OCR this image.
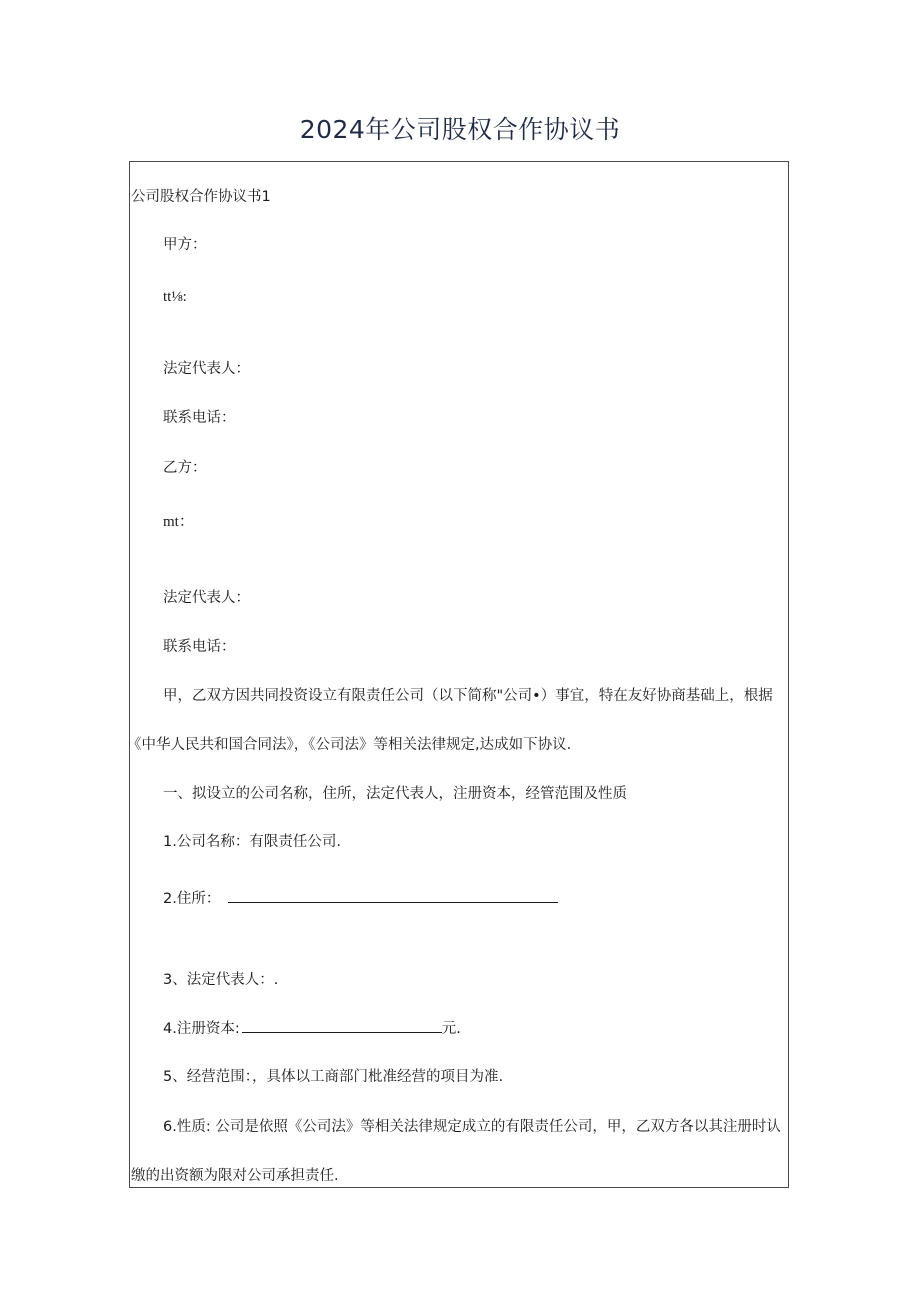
2024年公司股权合作协议书
公司股权合作协议书1
甲方：
tt⅛:
法定代表人：
联系电话：
乙方：
mt：
法定代表人：
联系电话：
甲，乙双方因共同投资设立有限责任公司（以下简称"公司•）事宜，特在友好协商基础上，根据
《中华人民共和国合同法》，《公司法》等相关法律规定,达成如下协议.
一、拟设立的公司名称，住所，法定代表人，注册资本，经管范围及性质
1.公司名称：有限责任公司.
2.住所：
3、法定代表人：.
4.注册资本:	元.
5、经营范围：，具体以工商部门枇准经营的项目为准.
6.性质: 公司是依照《公司法》等相关法律规定成立的有限责任公司，甲，乙双方各以其注册时认
缴的出资额为限对公司承担责任.
